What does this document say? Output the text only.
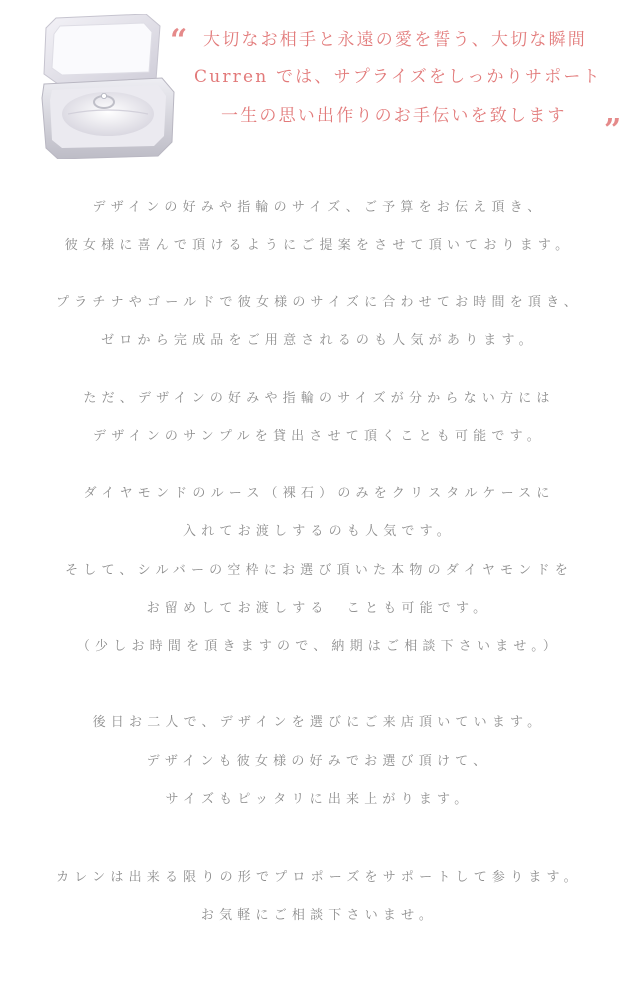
“
”
大切なお相手と永遠の愛を誓う、大切な瞬間
Curren では、サプライズをしっかりサポート
一生の思い出作りのお手伝いを致します
デザインの好みや指輪のサイズ、ご予算をお伝え頂き、
彼女様に喜んで頂けるようにご提案をさせて頂いております。
プラチナやゴールドで彼女様のサイズに合わせてお時間を頂き、
ゼロから完成品をご用意されるのも人気があります。
ただ、デザインの好みや指輪のサイズが分からない方には
デザインのサンプルを貸出させて頂くことも可能です。
ダイヤモンドのルース（裸石）のみをクリスタルケースに
入れてお渡しするのも人気です。
そして、シルバーの空枠にお選び頂いた本物のダイヤモンドを
お留めしてお渡しする　ことも可能です。
（少しお時間を頂きますので、納期はご相談下さいませ。）
後日お二人で、デザインを選びにご来店頂いています。
デザインも彼女様の好みでお選び頂けて、
サイズもピッタリに出来上がります。
カレンは出来る限りの形でプロポーズをサポートして参ります。
お気軽にご相談下さいませ。
